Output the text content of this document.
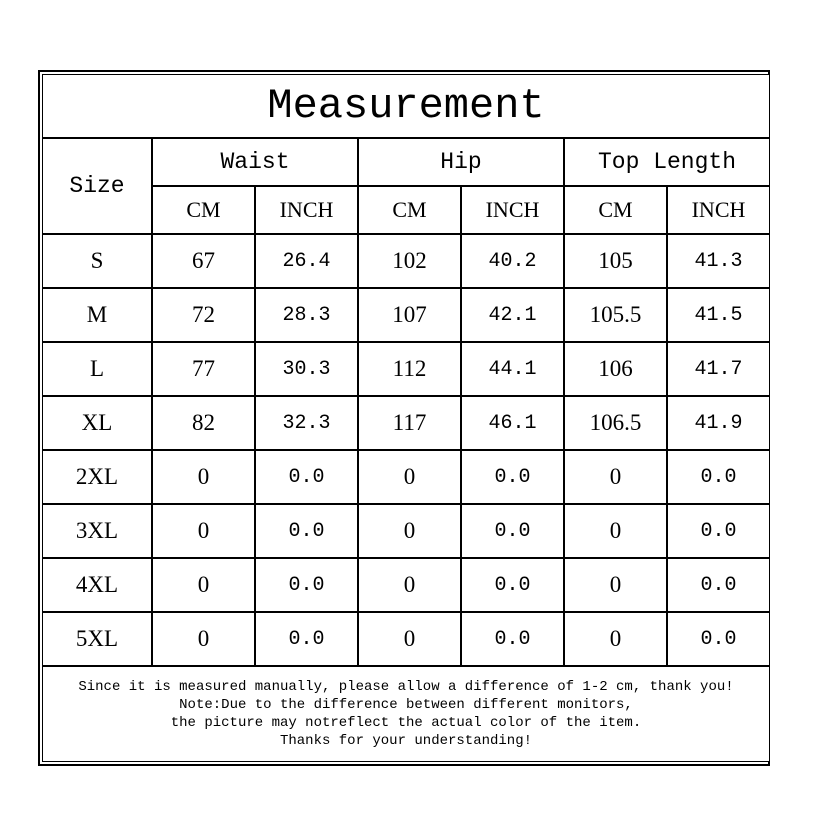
Measurement
Size
Waist	Hip	Top Length
CM	INCH	CM	INCH	CM	INCH
Since it is measured manually, please allow a difference of 1-2 cm, thank you!
Note:Due to the difference between different monitors,
the picture may notreflect the actual color of the item.
Thanks for your understanding!
S	67	26.4	102	40.2	105	41.3
M	72	28.3	107	42.1	105.5	41.5
L	77	30.3	112	44.1	106	41.7
XL	82	32.3	117	46.1	106.5	41.9
2XL	0	0.0	0	0.0	0	0.0
3XL	0	0.0	0	0.0	0	0.0
4XL	0	0.0	0	0.0	0	0.0
5XL	0	0.0	0	0.0	0	0.0
